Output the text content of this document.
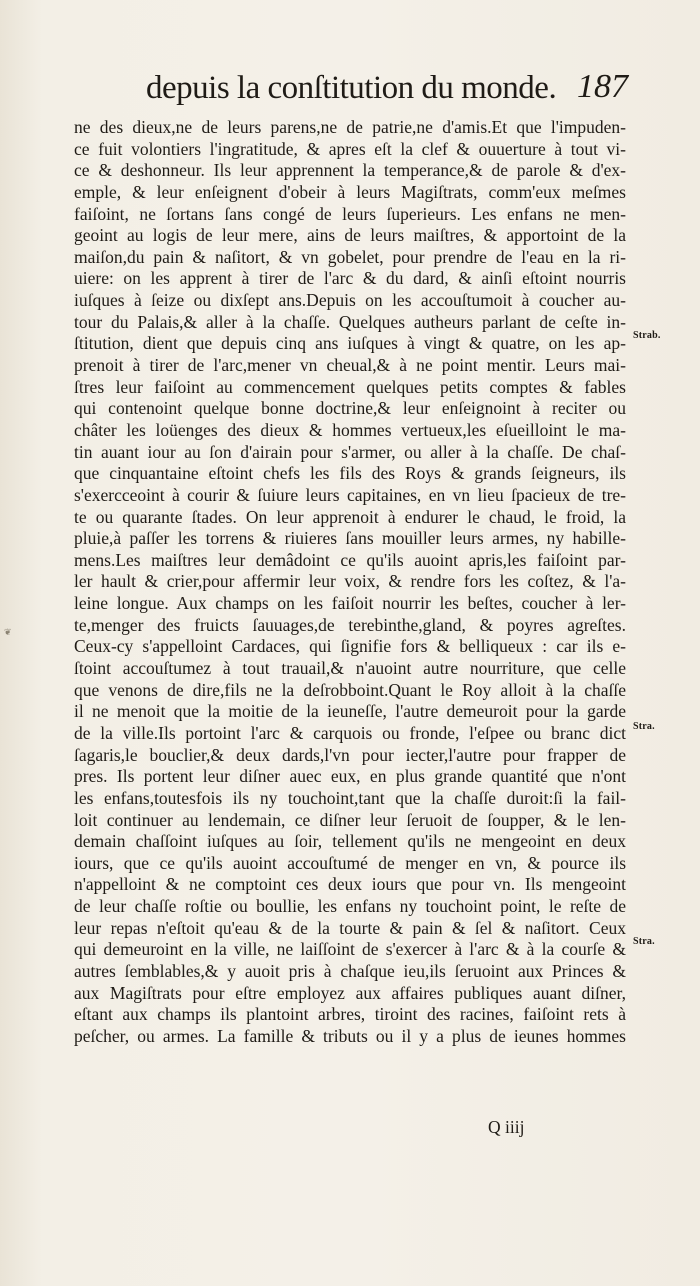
depuis la conſtitution du monde. 187
ne des dieux,ne de leurs parens,ne de patrie,ne d'amis.Et que l'impuden-
ce fuit volontiers l'ingratitude, & apres eſt la clef & ouuerture à tout vi-
ce & deshonneur. Ils leur apprennent la temperance,& de parole & d'ex-
emple, & leur enſeignent d'obeir à leurs Magiſtrats, comm'eux meſmes
faiſoint, ne ſortans ſans congé de leurs ſuperieurs. Les enfans ne men-
geoint au logis de leur mere, ains de leurs maiſtres, & apportoint de la
maiſon,du pain & naſitort, & vn gobelet, pour prendre de l'eau en la ri-
uiere: on les apprent à tirer de l'arc & du dard, & ainſi eſtoint nourris
iuſques à ſeize ou dixſept ans.Depuis on les accouſtumoit à coucher au-
tour du Palais,& aller à la chaſſe. Quelques autheurs parlant de ceſte in-
ſtitution, dient que depuis cinq ans iuſques à vingt & quatre, on les ap-
prenoit à tirer de l'arc,mener vn cheual,& à ne point mentir. Leurs mai-
ſtres leur faiſoint au commencement quelques petits comptes & fables
qui contenoint quelque bonne doctrine,& leur enſeignoint à reciter ou
châter les loüenges des dieux & hommes vertueux,les eſueilloint le ma-
tin auant iour au ſon d'airain pour s'armer, ou aller à la chaſſe. De chaſ-
que cinquantaine eſtoint chefs les fils des Roys & grands ſeigneurs, ils
s'exercceoint à courir & ſuiure leurs capitaines, en vn lieu ſpacieux de tre-
te ou quarante ſtades. On leur apprenoit à endurer le chaud, le froid, la
pluie,à paſſer les torrens & riuieres ſans mouiller leurs armes, ny habille-
mens.Les maiſtres leur demâdoint ce qu'ils auoint apris,les faiſoint par-
ler hault & crier,pour affermir leur voix, & rendre fors les coſtez, & l'a-
leine longue. Aux champs on les faiſoit nourrir les beſtes, coucher à ler-
te,menger des fruicts ſauuages,de terebinthe,gland, & poyres agreſtes.
Ceux-cy s'appelloint Cardaces, qui ſignifie fors & belliqueux : car ils e-
ſtoint accouſtumez à tout trauail,& n'auoint autre nourriture, que celle
que venons de dire,fils ne la deſrobboint.Quant le Roy alloit à la chaſſe
il ne menoit que la moitie de la ieuneſſe, l'autre demeuroit pour la garde
de la ville.Ils portoint l'arc & carquois ou fronde, l'eſpee ou branc dict
ſagaris,le bouclier,& deux dards,l'vn pour iecter,l'autre pour frapper de
pres. Ils portent leur diſner auec eux, en plus grande quantité que n'ont
les enfans,toutesfois ils ny touchoint,tant que la chaſſe duroit:ſi la fail-
loit continuer au lendemain, ce diſner leur ſeruoit de ſoupper, & le len-
demain chaſſoint iuſques au ſoir, tellement qu'ils ne mengeoint en deux
iours, que ce qu'ils auoint accouſtumé de menger en vn, & pource ils
n'appelloint & ne comptoint ces deux iours que pour vn. Ils mengeoint
de leur chaſſe roſtie ou boullie, les enfans ny touchoint point, le reſte de
leur repas n'eſtoit qu'eau & de la tourte & pain & ſel & naſitort. Ceux
qui demeuroint en la ville, ne laiſſoint de s'exercer à l'arc & à la courſe &
autres ſemblables,& y auoit pris à chaſque ieu,ils ſeruoint aux Princes &
aux Magiſtrats pour eſtre employez aux affaires publiques auant diſner,
eſtant aux champs ils plantoint arbres, tiroint des racines, faiſoint rets à
peſcher, ou armes. La famille & tributs ou il y a plus de ieunes hommes
Strab.
Stra.
Stra.
❦
Q iiij
